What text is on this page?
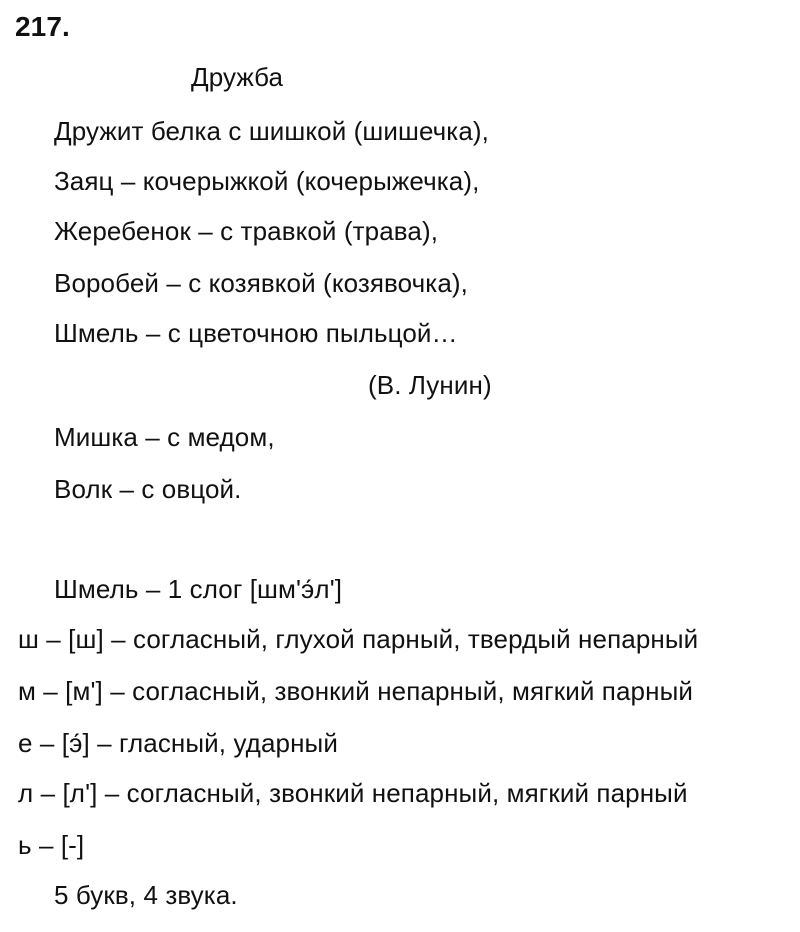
217.
Дружба
Дружит белка с шишкой (шишечка),
Заяц – кочерыжкой (кочерыжечка),
Жеребенок – с травкой (трава),
Воробей – с козявкой (козявочка),
Шмель – с цветочною пыльцой…
(В. Лунин)
Мишка – с медом,
Волк – с овцой.
Шмель – 1 слог [шм'э́л']
ш – [ш] – согласный, глухой парный, твердый непарный
м – [м'] – согласный, звонкий непарный, мягкий парный
е – [э́] – гласный, ударный
л – [л'] – согласный, звонкий непарный, мягкий парный
ь – [-]
5 букв, 4 звука.
